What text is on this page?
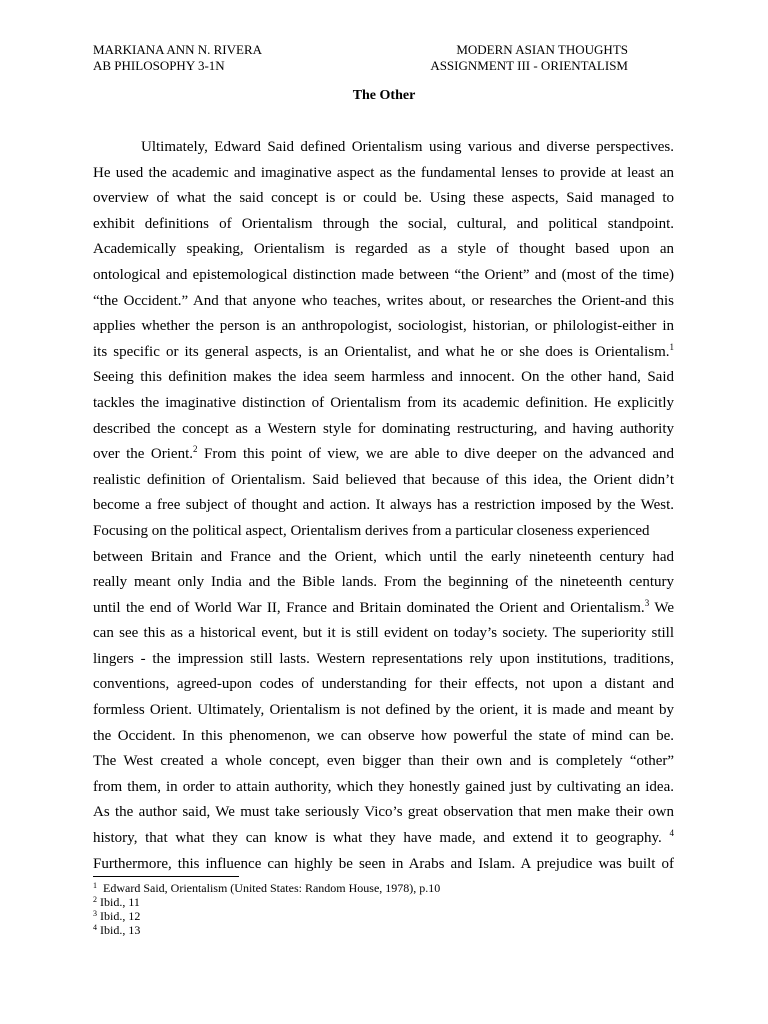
MARKIANA ANN N. RIVERA	MODERN ASIAN THOUGHTS
AB PHILOSOPHY 3-1N	ASSIGNMENT III - ORIENTALISM
The Other
Ultimately, Edward Said defined Orientalism using various and diverse perspectives.
He used the academic and imaginative aspect as the fundamental lenses to provide at least an
overview of what the said concept is or could be. Using these aspects, Said managed to
exhibit definitions of Orientalism through the social, cultural, and political standpoint.
Academically speaking, Orientalism is regarded as a style of thought based upon an
ontological and epistemological distinction made between “the Orient” and (most of the time)
“the Occident.” And that anyone who teaches, writes about, or researches the Orient-and this
applies whether the person is an anthropologist, sociologist, historian, or philologist-either in
its specific or its general aspects, is an Orientalist, and what he or she does is Orientalism.$^1$
Seeing this definition makes the idea seem harmless and innocent. On the other hand, Said
tackles the imaginative distinction of Orientalism from its academic definition. He explicitly
described the concept as a Western style for dominating restructuring, and having authority
over the Orient.$^2$ From this point of view, we are able to dive deeper on the advanced and
realistic definition of Orientalism. Said believed that because of this idea, the Orient didn’t
become a free subject of thought and action. It always has a restriction imposed by the West.
Focusing on the political aspect, Orientalism derives from a particular closeness experienced
between Britain and France and the Orient, which until the early nineteenth century had
really meant only India and the Bible lands. From the beginning of the nineteenth century
until the end of World War II, France and Britain dominated the Orient and Orientalism.$^3$ We
can see this as a historical event, but it is still evident on today’s society. The superiority still
lingers - the impression still lasts. Western representations rely upon institutions, traditions,
conventions, agreed-upon codes of understanding for their effects, not upon a distant and
formless Orient. Ultimately, Orientalism is not defined by the orient, it is made and meant by
the Occident. In this phenomenon, we can observe how powerful the state of mind can be.
The West created a whole concept, even bigger than their own and is completely “other”
from them, in order to attain authority, which they honestly gained just by cultivating an idea.
As the author said, We must take seriously Vico’s great observation that men make their own
history, that what they can know is what they have made, and extend it to geography. $^4$
Furthermore, this influence can highly be seen in Arabs and Islam. A prejudice was built of
$^1$  Edward Said, Orientalism (United States: Random House, 1978), p.10
$^2$ Ibid., 11
$^3$ Ibid., 12
$^4$ Ibid., 13
